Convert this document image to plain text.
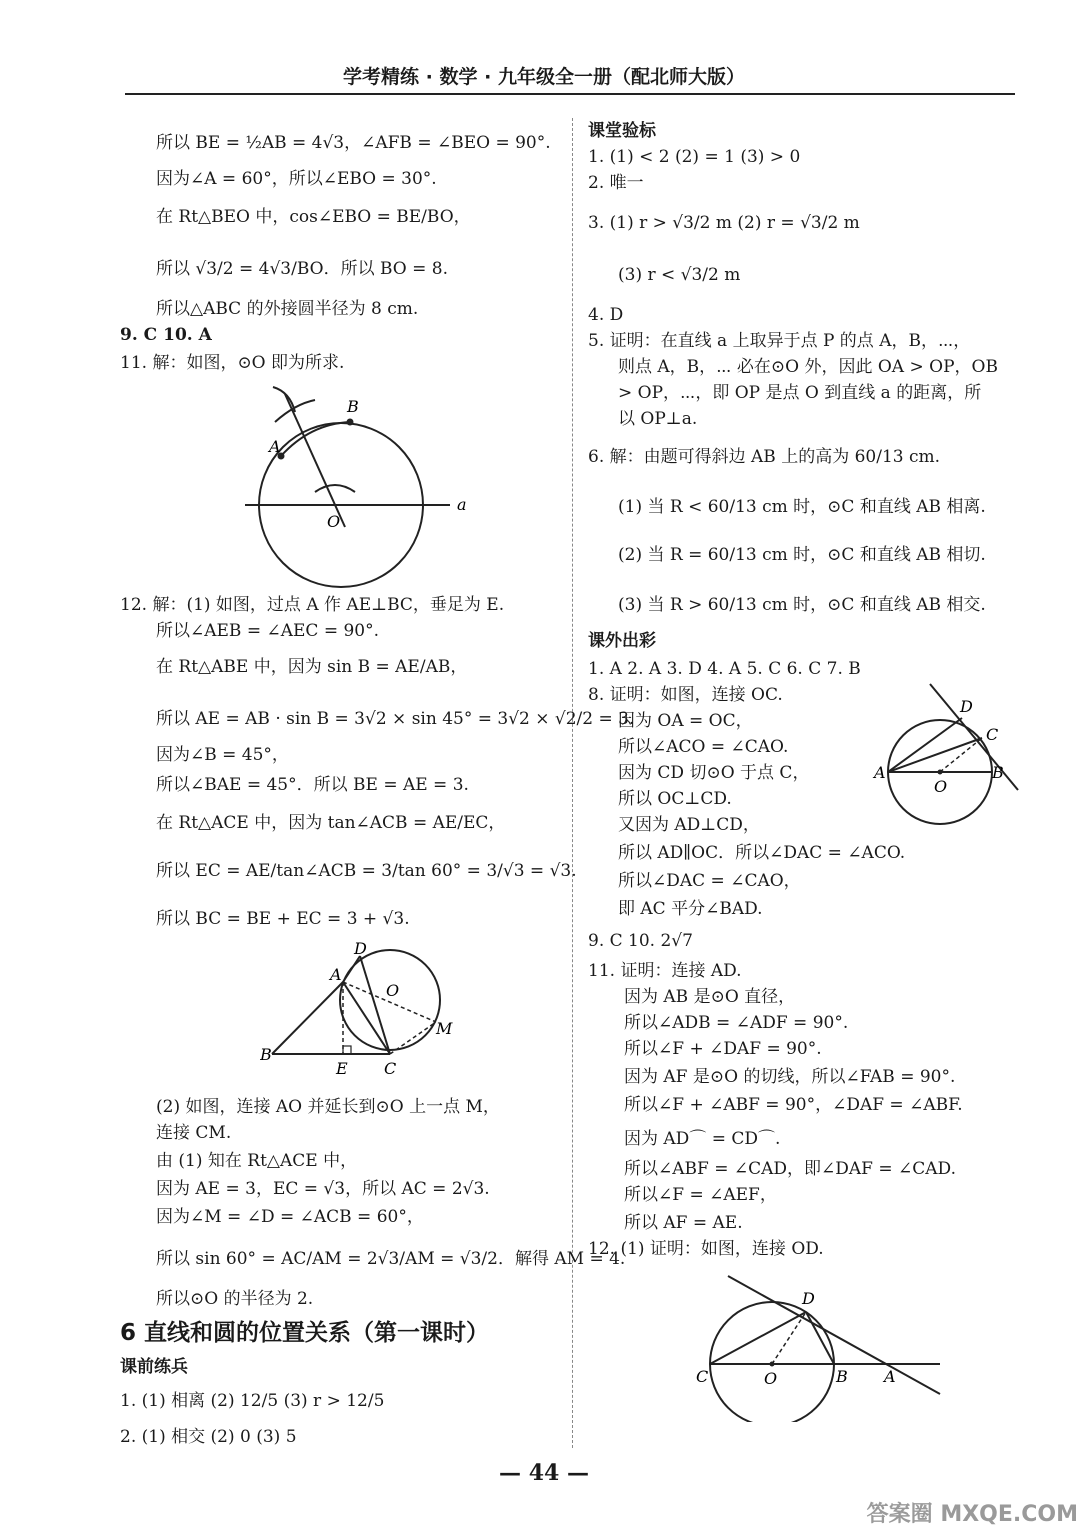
学考精练 · 数学 · 九年级全一册（配北师大版）
所以 BE = ½AB = 4√3，∠AFB = ∠BEO = 90°.
因为∠A = 60°，所以∠EBO = 30°.
在 Rt△BEO 中，cos∠EBO = BE/BO，
所以 √3/2 = 4√3/BO．所以 BO = 8.
所以△ABC 的外接圆半径为 8 cm.
9. C 10. A
11. 解：如图，⊙O 即为所求.
A
B
O
a
12. 解：(1) 如图，过点 A 作 AE⊥BC，垂足为 E.
所以∠AEB = ∠AEC = 90°.
在 Rt△ABE 中，因为 sin B = AE/AB，
所以 AE = AB · sin B = 3√2 × sin 45° = 3√2 × √2/2 = 3.
因为∠B = 45°，
所以∠BAE = 45°．所以 BE = AE = 3.
在 Rt△ACE 中，因为 tan∠ACB = AE/EC，
所以 EC = AE/tan∠ACB = 3/tan 60° = 3/√3 = √3.
所以 BC = BE + EC = 3 + √3.
A
B
C
D
E
M
O
(2) 如图，连接 AO 并延长到⊙O 上一点 M，
连接 CM.
由 (1) 知在 Rt△ACE 中，
因为 AE = 3，EC = √3，所以 AC = 2√3.
因为∠M = ∠D = ∠ACB = 60°，
所以 sin 60° = AC/AM = 2√3/AM = √3/2．解得 AM = 4.
所以⊙O 的半径为 2.
6 直线和圆的位置关系（第一课时）
课前练兵
1. (1) 相离 (2) 12/5 (3) r > 12/5
2. (1) 相交 (2) 0 (3) 5
课堂验标
1. (1) < 2 (2) = 1 (3) > 0
2. 唯一
3. (1) r > √3/2 m (2) r = √3/2 m
(3) r < √3/2 m
4. D
5. 证明：在直线 a 上取异于点 P 的点 A，B，⋯，
则点 A，B，⋯ 必在⊙O 外，因此 OA > OP，OB
> OP，⋯，即 OP 是点 O 到直线 a 的距离，所
以 OP⊥a.
6. 解：由题可得斜边 AB 上的高为 60/13 cm.
(1) 当 R < 60/13 cm 时，⊙C 和直线 AB 相离.
(2) 当 R = 60/13 cm 时，⊙C 和直线 AB 相切.
(3) 当 R > 60/13 cm 时，⊙C 和直线 AB 相交.
课外出彩
1. A 2. A 3. D 4. A 5. C 6. C 7. B
8. 证明：如图，连接 OC.
因为 OA = OC，
所以∠ACO = ∠CAO.
因为 CD 切⊙O 于点 C，
所以 OC⊥CD.
又因为 AD⊥CD，
所以 AD∥OC．所以∠DAC = ∠ACO.
所以∠DAC = ∠CAO，
即 AC 平分∠BAD.
A	B
C
D
O
9. C 10. 2√7
11. 证明：连接 AD.
因为 AB 是⊙O 直径，
所以∠ADB = ∠ADF = 90°.
所以∠F + ∠DAF = 90°.
因为 AF 是⊙O 的切线，所以∠FAB = 90°.
所以∠F + ∠ABF = 90°，∠DAF = ∠ABF.
因为 AD⌒ = CD⌒.
所以∠ABF = ∠CAD，即∠DAF = ∠CAD.
所以∠F = ∠AEF，
所以 AF = AE.
12. (1) 证明：如图，连接 OD.
C	O	B A
D
— 44 —
答案圈 MXQE.COM
